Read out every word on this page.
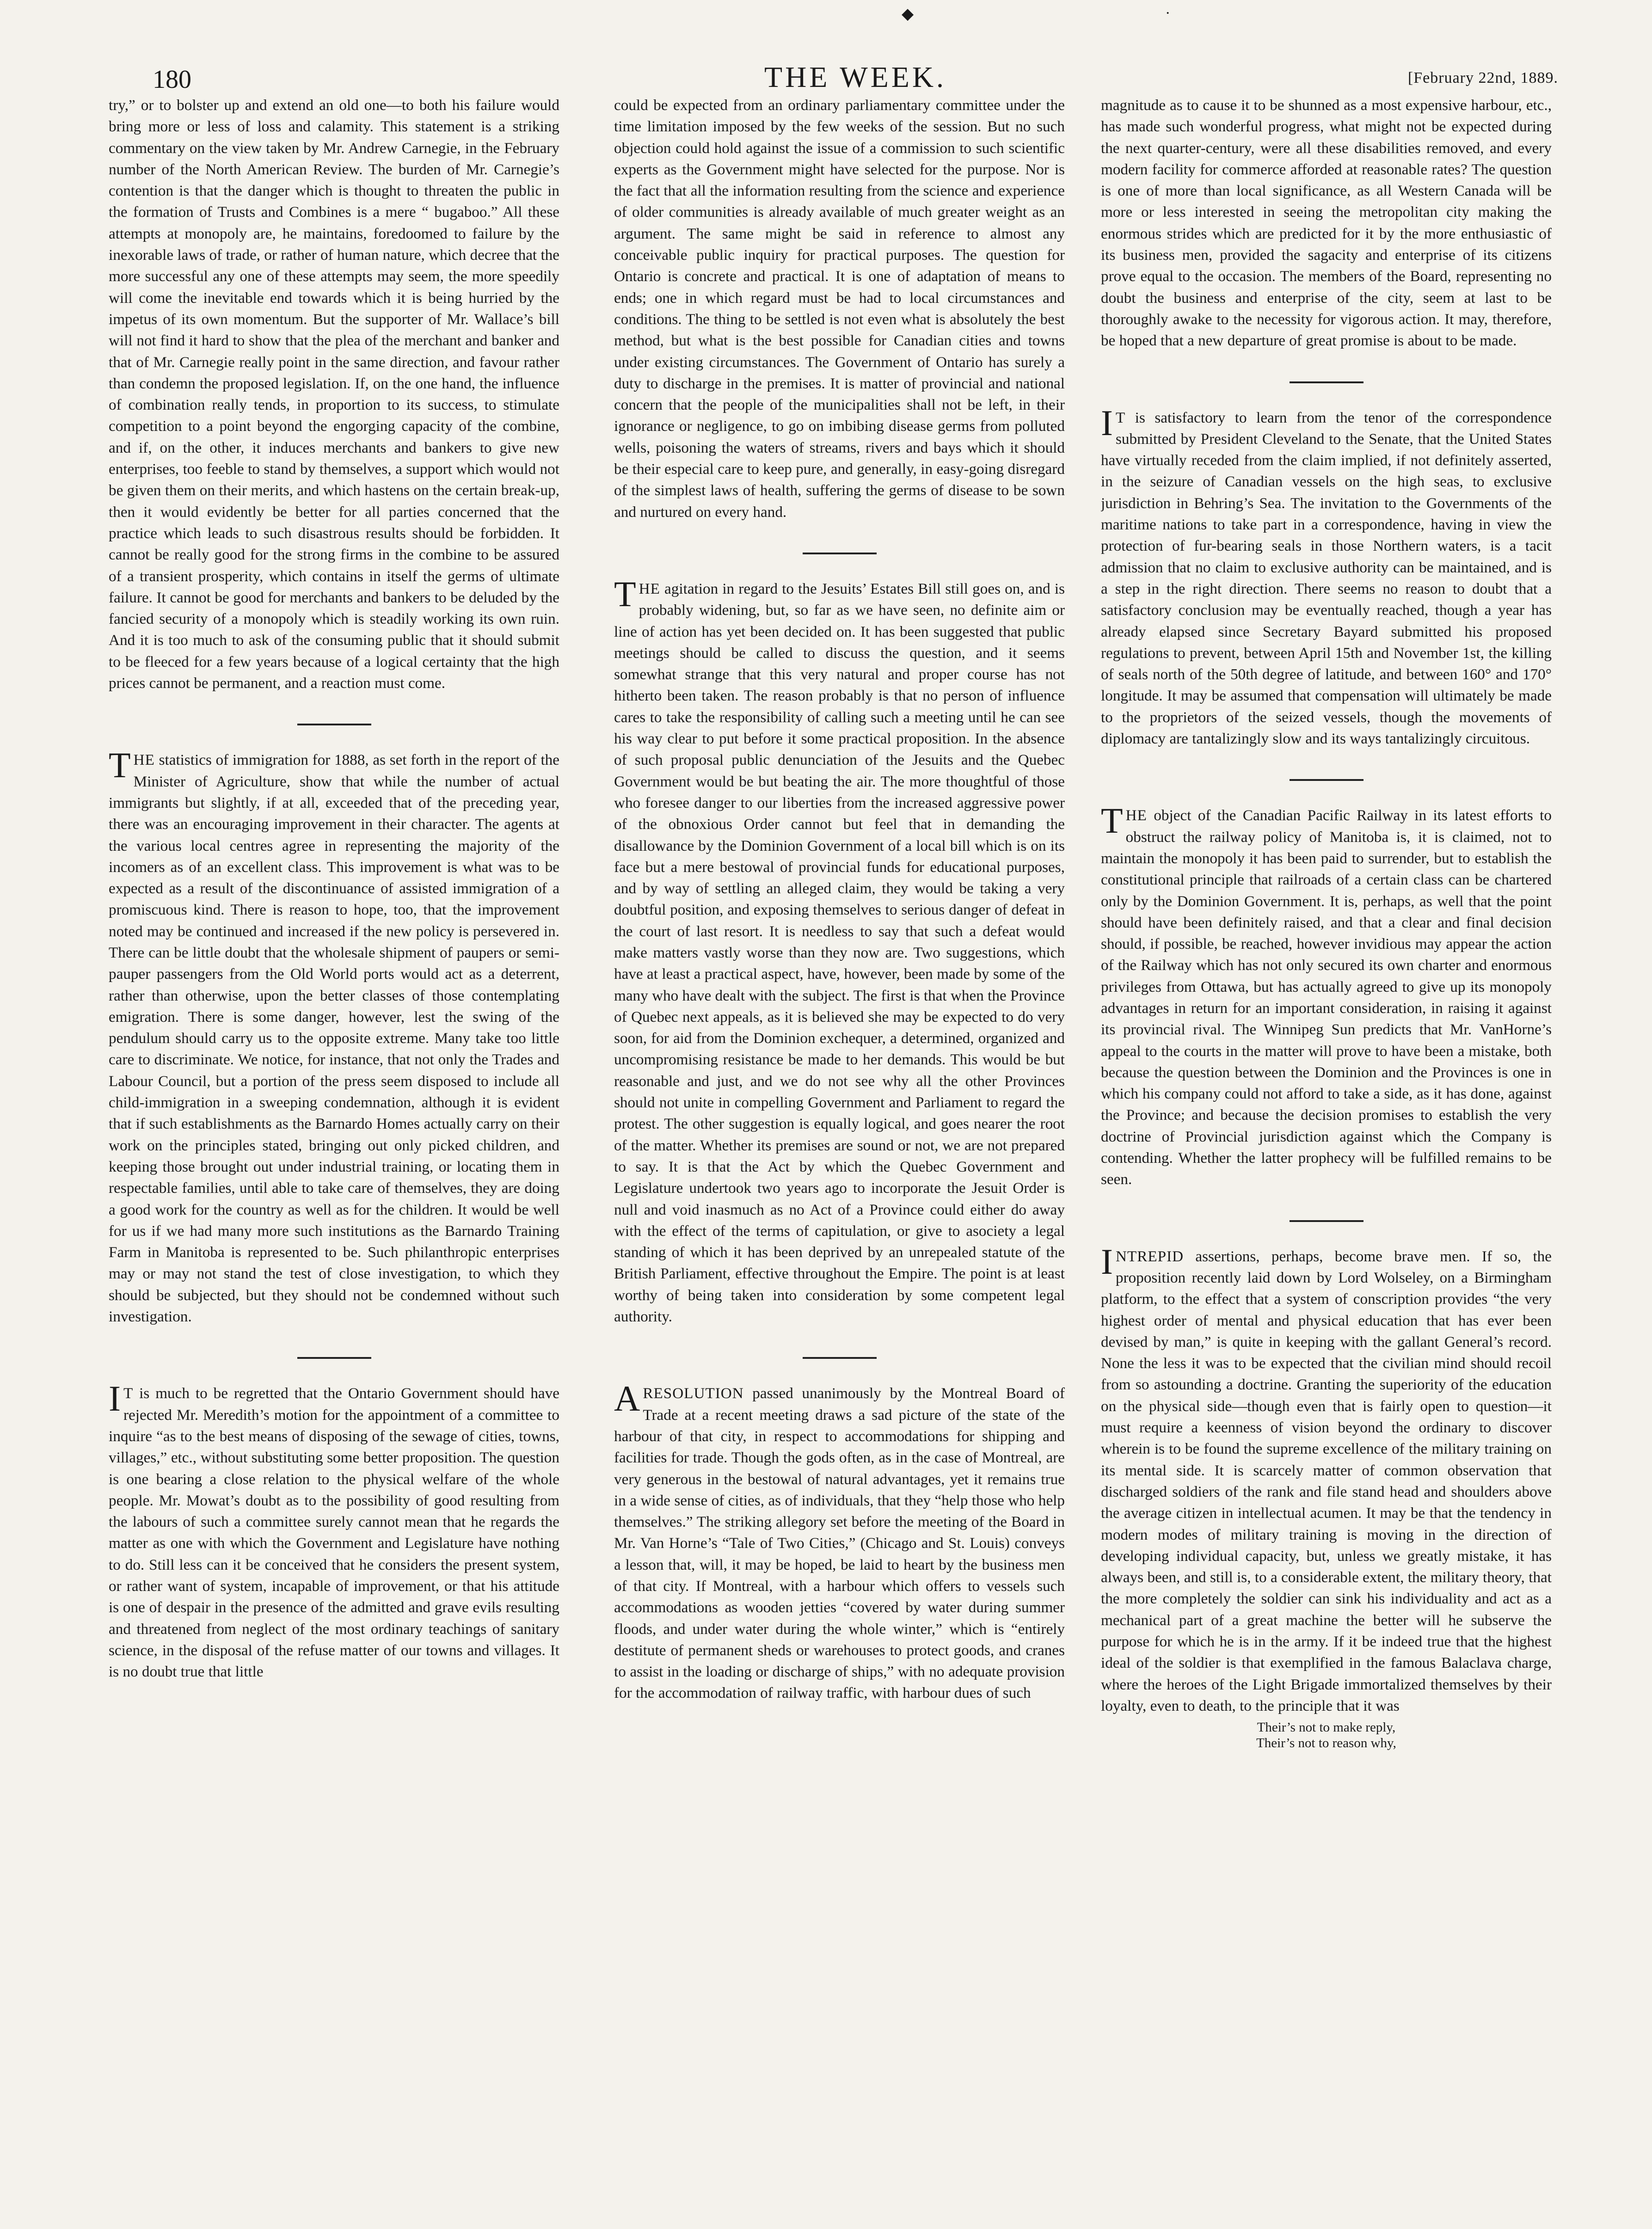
◆	·
180	THE WEEK.	[February 22nd, 1889.

try,” or to bolster up and extend an old one—to both his failure would bring more or less of loss and calamity. This statement is a striking commentary on the view taken by Mr. Andrew Carnegie, in the February number of the North American Review. The burden of Mr. Carnegie’s contention is that the danger which is thought to threaten the public in the formation of Trusts and Combines is a mere “ bugaboo.” All these attempts at monopoly are, he maintains, foredoomed to failure by the inexorable laws of trade, or rather of human nature, which decree that the more successful any one of these attempts may seem, the more speedily will come the inevitable end towards which it is being hurried by the impetus of its own momentum. But the supporter of Mr. Wallace’s bill will not find it hard to show that the plea of the merchant and banker and that of Mr. Carnegie really point in the same direction, and favour rather than condemn the proposed legislation. If, on the one hand, the influence of combination really tends, in proportion to its success, to stimulate competition to a point beyond the engorging capacity of the combine, and if, on the other, it induces merchants and bankers to give new enterprises, too feeble to stand by themselves, a support which would not be given them on their merits, and which hastens on the certain break-up, then it would evidently be better for all parties concerned that the practice which leads to such disastrous results should be forbidden. It cannot be really good for the strong firms in the combine to be assured of a transient prosperity, which contains in itself the germs of ultimate failure. It cannot be good for merchants and bankers to be deluded by the fancied security of a monopoly which is steadily working its own ruin. And it is too much to ask of the consuming public that it should submit to be fleeced for a few years because of a logical certainty that the high prices cannot be permanent, and a reaction must come.

THE statistics of immigration for 1888, as set forth in the report of the Minister of Agriculture, show that while the number of actual immigrants but slightly, if at all, exceeded that of the preceding year, there was an encouraging improvement in their character. The agents at the various local centres agree in representing the majority of the incomers as of an excellent class. This improvement is what was to be expected as a result of the discontinuance of assisted immigration of a promiscuous kind. There is reason to hope, too, that the improvement noted may be continued and increased if the new policy is persevered in. There can be little doubt that the wholesale shipment of paupers or semi-pauper passengers from the Old World ports would act as a deterrent, rather than otherwise, upon the better classes of those contemplating emigration. There is some danger, however, lest the swing of the pendulum should carry us to the opposite extreme. Many take too little care to discriminate. We notice, for instance, that not only the Trades and Labour Council, but a portion of the press seem disposed to include all child-immigration in a sweeping condemnation, although it is evident that if such establishments as the Barnardo Homes actually carry on their work on the principles stated, bringing out only picked children, and keeping those brought out under industrial training, or locating them in respectable families, until able to take care of themselves, they are doing a good work for the country as well as for the children. It would be well for us if we had many more such institutions as the Barnardo Training Farm in Manitoba is represented to be. Such philanthropic enterprises may or may not stand the test of close investigation, to which they should be subjected, but they should not be condemned without such investigation.

I T is much to be regretted that the Ontario Government should have rejected Mr. Meredith’s motion for the appointment of a committee to inquire “as to the best means of disposing of the sewage of cities, towns, villages,” etc., without substituting some better proposition. The question is one bearing a close relation to the physical welfare of the whole people. Mr. Mowat’s doubt as to the possibility of good resulting from the labours of such a committee surely cannot mean that he regards the matter as one with which the Government and Legislature have nothing to do. Still less can it be conceived that he considers the present system, or rather want of system, incapable of improvement, or that his attitude is one of despair in the presence of the admitted and grave evils resulting and threatened from neglect of the most ordinary teachings of sanitary science, in the disposal of the refuse matter of our towns and villages. It is no doubt true that little

could be expected from an ordinary parliamentary committee under the time limitation imposed by the few weeks of the session. But no such objection could hold against the issue of a commission to such scientific experts as the Government might have selected for the purpose. Nor is the fact that all the information resulting from the science and experience of older communities is already available of much greater weight as an argument. The same might be said in reference to almost any conceivable public inquiry for practical purposes. The question for Ontario is concrete and practical. It is one of adaptation of means to ends; one in which regard must be had to local circumstances and conditions. The thing to be settled is not even what is absolutely the best method, but what is the best possible for Canadian cities and towns under existing circumstances. The Government of Ontario has surely a duty to discharge in the premises. It is matter of provincial and national concern that the people of the municipalities shall not be left, in their ignorance or negligence, to go on imbibing disease germs from polluted wells, poisoning the waters of streams, rivers and bays which it should be their especial care to keep pure, and generally, in easy-going disregard of the simplest laws of health, suffering the germs of disease to be sown and nurtured on every hand.

THE agitation in regard to the Jesuits’ Estates Bill still goes on, and is probably widening, but, so far as we have seen, no definite aim or line of action has yet been decided on. It has been suggested that public meetings should be called to discuss the question, and it seems somewhat strange that this very natural and proper course has not hitherto been taken. The reason probably is that no person of influence cares to take the responsibility of calling such a meeting until he can see his way clear to put before it some practical proposition. In the absence of such proposal public denunciation of the Jesuits and the Quebec Government would be but beating the air. The more thoughtful of those who foresee danger to our liberties from the increased aggressive power of the obnoxious Order cannot but feel that in demanding the disallowance by the Dominion Government of a local bill which is on its face but a mere bestowal of provincial funds for educational purposes, and by way of settling an alleged claim, they would be taking a very doubtful position, and exposing themselves to serious danger of defeat in the court of last resort. It is needless to say that such a defeat would make matters vastly worse than they now are. Two suggestions, which have at least a practical aspect, have, however, been made by some of the many who have dealt with the subject. The first is that when the Province of Quebec next appeals, as it is believed she may be expected to do very soon, for aid from the Dominion exchequer, a determined, organized and uncompromising resistance be made to her demands. This would be but reasonable and just, and we do not see why all the other Provinces should not unite in compelling Government and Parliament to regard the protest. The other suggestion is equally logical, and goes nearer the root of the matter. Whether its premises are sound or not, we are not prepared to say. It is that the Act by which the Quebec Government and Legislature undertook two years ago to incorporate the Jesuit Order is null and void inasmuch as no Act of a Province could either do away with the effect of the terms of capitulation, or give to asociety a legal standing of which it has been deprived by an unrepealed statute of the British Parliament, effective throughout the Empire. The point is at least worthy of being taken into consideration by some competent legal authority.

ARESOLUTION passed unanimously by the Montreal Board of Trade at a recent meeting draws a sad picture of the state of the harbour of that city, in respect to accommodations for shipping and facilities for trade. Though the gods often, as in the case of Montreal, are very generous in the bestowal of natural advantages, yet it remains true in a wide sense of cities, as of individuals, that they “help those who help themselves.” The striking allegory set before the meeting of the Board in Mr. Van Horne’s “Tale of Two Cities,” (Chicago and St. Louis) conveys a lesson that, will, it may be hoped, be laid to heart by the business men of that city. If Montreal, with a harbour which offers to vessels such accommodations as wooden jetties “covered by water during summer floods, and under water during the whole winter,” which is “entirely destitute of permanent sheds or warehouses to protect goods, and cranes to assist in the loading or discharge of ships,” with no adequate provision for the accommodation of railway traffic, with harbour dues of such

magnitude as to cause it to be shunned as a most expensive harbour, etc., has made such wonderful progress, what might not be expected during the next quarter-century, were all these disabilities removed, and every modern facility for commerce afforded at reasonable rates? The question is one of more than local significance, as all Western Canada will be more or less interested in seeing the metropolitan city making the enormous strides which are predicted for it by the more enthusiastic of its business men, provided the sagacity and enterprise of its citizens prove equal to the occasion. The members of the Board, representing no doubt the business and enterprise of the city, seem at last to be thoroughly awake to the necessity for vigorous action. It may, therefore, be hoped that a new departure of great promise is about to be made.

I T is satisfactory to learn from the tenor of the correspondence submitted by President Cleveland to the Senate, that the United States have virtually receded from the claim implied, if not definitely asserted, in the seizure of Canadian vessels on the high seas, to exclusive jurisdiction in Behring’s Sea. The invitation to the Governments of the maritime nations to take part in a correspondence, having in view the protection of fur-bearing seals in those Northern waters, is a tacit admission that no claim to exclusive authority can be maintained, and is a step in the right direction. There seems no reason to doubt that a satisfactory conclusion may be eventually reached, though a year has already elapsed since Secretary Bayard submitted his proposed regulations to prevent, between April 15th and November 1st, the killing of seals north of the 50th degree of latitude, and between 160° and 170° longitude. It may be assumed that compensation will ultimately be made to the proprietors of the seized vessels, though the movements of diplomacy are tantalizingly slow and its ways tantalizingly circuitous.

THE object of the Canadian Pacific Railway in its latest efforts to obstruct the railway policy of Manitoba is, it is claimed, not to maintain the monopoly it has been paid to surrender, but to establish the constitutional principle that railroads of a certain class can be chartered only by the Dominion Government. It is, perhaps, as well that the point should have been definitely raised, and that a clear and final decision should, if possible, be reached, however invidious may appear the action of the Railway which has not only secured its own charter and enormous privileges from Ottawa, but has actually agreed to give up its monopoly advantages in return for an important consideration, in raising it against its provincial rival. The Winnipeg Sun predicts that Mr. VanHorne’s appeal to the courts in the matter will prove to have been a mistake, both because the question between the Dominion and the Provinces is one in which his company could not afford to take a side, as it has done, against the Province; and because the decision promises to establish the very doctrine of Provincial jurisdiction against which the Company is contending. Whether the latter prophecy will be fulfilled remains to be seen.

INTREPID assertions, perhaps, become brave men. If so, the proposition recently laid down by Lord Wolseley, on a Birmingham platform, to the effect that a system of conscription provides “the very highest order of mental and physical education that has ever been devised by man,” is quite in keeping with the gallant General’s record. None the less it was to be expected that the civilian mind should recoil from so astounding a doctrine. Granting the superiority of the education on the physical side—though even that is fairly open to question—it must require a keenness of vision beyond the ordinary to discover wherein is to be found the supreme excellence of the military training on its mental side. It is scarcely matter of common observation that discharged soldiers of the rank and file stand head and shoulders above the average citizen in intellectual acumen. It may be that the tendency in modern modes of military training is moving in the direction of developing individual capacity, but, unless we greatly mistake, it has always been, and still is, to a considerable extent, the military theory, that the more completely the soldier can sink his individuality and act as a mechanical part of a great machine the better will he subserve the purpose for which he is in the army. If it be indeed true that the highest ideal of the soldier is that exemplified in the famous Balaclava charge, where the heroes of the Light Brigade immortalized themselves by their loyalty, even to death, to the principle that it was

Their’s not to make reply,
Their’s not to reason why,
